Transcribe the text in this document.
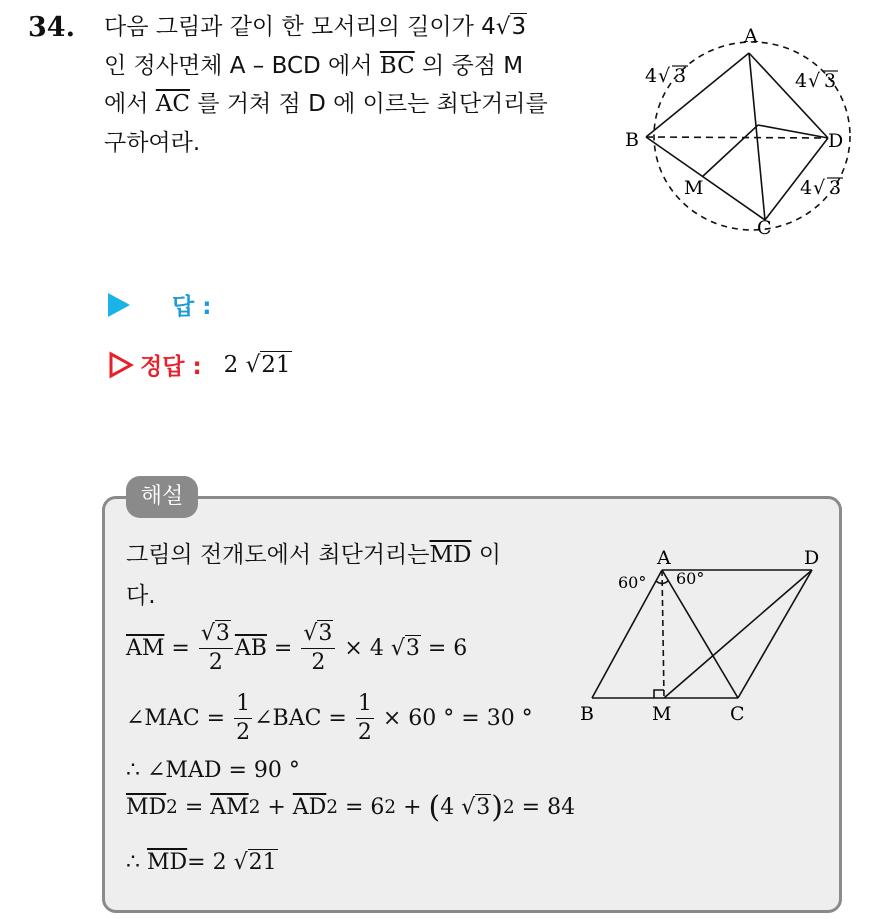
34. 다음 그림과 같이 한 모서리의 길이가 4√3
인 정사면체 A – BCD 에서 $\overline{BC}$ 의 중점 M
에서 $\overline{AC}$ 를 거쳐 점 D 에 이르는 최단거리를
구하여라.
A
B	D
C
M
4 √ 3	4 √ 3
4 √ 3
답 :
정답 : 2 √21
해설
그림의 전개도에서 최단거리는$\overline{MD}$ 이
다.
$\overline{AM} = \frac{√3}{2} \overline{AB} = \frac{√3}{2}$
× 4
√3
= 6
∠MAC =
$\frac{1}{2}$ ∠BAC =
$\frac{1}{2}$
× 60 ° = 30 °
∴ ∠MAD = 90 °
$\overline{MD}$ $2 = \overline{AM}$ $2 + \overline{AD}$ 2
= 6 2 + ( 4
√3 ) 2
= 84
∴
$\overline{MD} = 2$
√21
A	D
B	M	C
60° 60°
